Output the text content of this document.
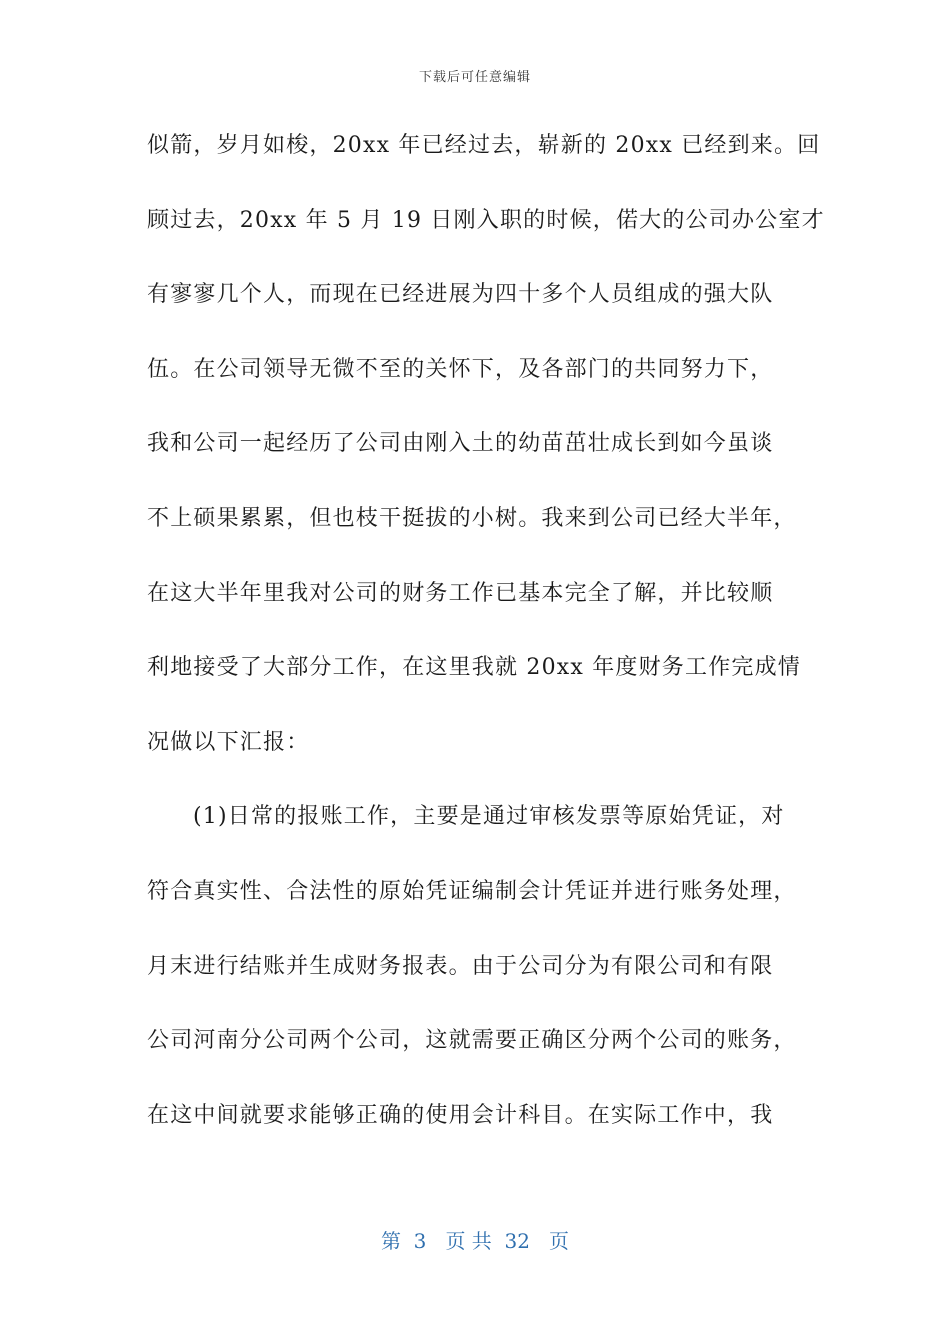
下载后可任意编辑
似箭，岁月如梭，20xx 年已经过去，崭新的 20xx 已经到来。回
顾过去，20xx 年 5 月 19 日刚入职的时候，偌大的公司办公室才
有寥寥几个人，而现在已经进展为四十多个人员组成的强大队
伍。在公司领导无微不至的关怀下，及各部门的共同努力下，
我和公司一起经历了公司由刚入土的幼苗茁壮成长到如今虽谈
不上硕果累累，但也枝干挺拔的小树。我来到公司已经大半年，
在这大半年里我对公司的财务工作已基本完全了解，并比较顺
利地接受了大部分工作，在这里我就 20xx 年度财务工作完成情
况做以下汇报：
(1)日常的报账工作，主要是通过审核发票等原始凭证，对
符合真实性、合法性的原始凭证编制会计凭证并进行账务处理，
月末进行结账并生成财务报表。由于公司分为有限公司和有限
公司河南分公司两个公司，这就需要正确区分两个公司的账务，
在这中间就要求能够正确的使用会计科目。在实际工作中，我
第  3   页 共  32   页
